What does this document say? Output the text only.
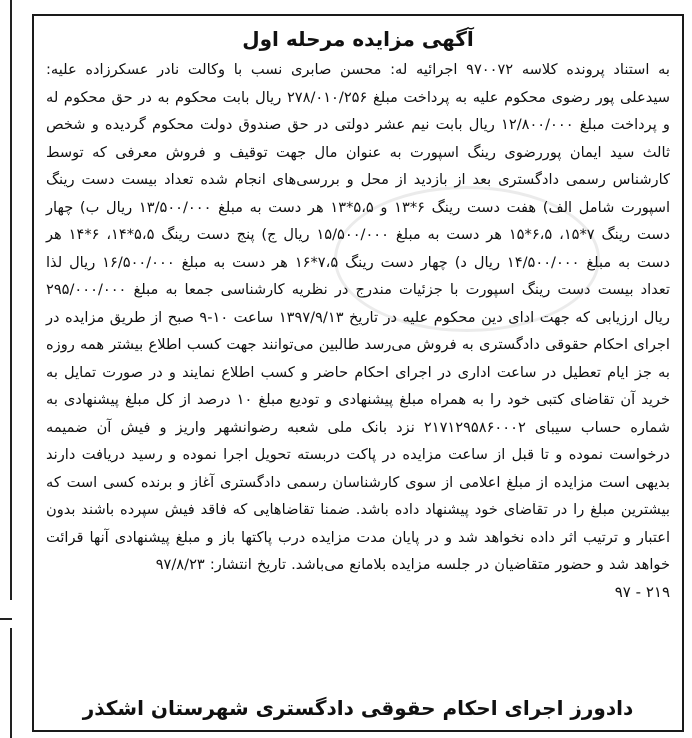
آگهی مزایده مرحله اول

به استناد پرونده کلاسه ۹۷۰۰۷۲ اجرائیه له: محسن صابری نسب با وکالت نادر عسکرزاده علیه: سیدعلی پور رضوی محکوم علیه به پرداخت مبلغ ۲۷۸/۰۱۰/۲۵۶ ریال بابت محکوم به در حق محکوم له و پرداخت مبلغ ۱۲/۸۰۰/۰۰۰ ریال بابت نیم عشر دولتی در حق صندوق دولت محکوم گردیده و شخص ثالث سید ایمان پوررضوی رینگ اسپورت به عنوان مال جهت توقیف و فروش معرفی که توسط کارشناس رسمی دادگستری بعد از بازدید از محل و بررسی‌های انجام شده تعداد بیست دست رینگ اسپورت شامل الف) هفت دست رینگ ۶*۱۳ و ۵،۵*۱۳ هر دست به مبلغ ۱۳/۵۰۰/۰۰۰ ریال ب) چهار دست رینگ ۷*۱۵، ۶،۵*۱۵ هر دست به مبلغ ۱۵/۵۰۰/۰۰۰ ریال ج) پنج دست رینگ ۵،۵*۱۴، ۶*۱۴ هر دست به مبلغ ۱۴/۵۰۰/۰۰۰ ریال د) چهار دست رینگ ۷،۵*۱۶ هر دست به مبلغ ۱۶/۵۰۰/۰۰۰ ریال لذا تعداد بیست دست رینگ اسپورت با جزئیات مندرج در نظریه کارشناسی جمعا به مبلغ ۲۹۵/۰۰۰/۰۰۰ ریال ارزیابی که جهت ادای دین محکوم علیه در تاریخ ۱۳۹۷/۹/۱۳ ساعت ۱۰-۹ صبح از طریق مزایده در اجرای احکام حقوقی دادگستری به فروش می‌رسد طالبین می‌توانند جهت کسب اطلاع بیشتر همه روزه به جز ایام تعطیل در ساعت اداری در اجرای احکام حاضر و کسب اطلاع نمایند و در صورت تمایل به خرید آن تقاضای کتبی خود را به همراه مبلغ پیشنهادی و تودیع مبلغ ۱۰ درصد از کل مبلغ پیشنهادی به شماره حساب سیبای ۲۱۷۱۲۹۵۸۶۰۰۰۲ نزد بانک ملی شعبه رضوانشهر واریز و فیش آن ضمیمه درخواست نموده و تا قبل از ساعت مزایده در پاکت دربسته تحویل اجرا نموده و رسید دریافت دارند بدیهی است مزایده از مبلغ اعلامی از سوی کارشناسان رسمی دادگستری آغاز و برنده کسی است که بیشترین مبلغ را در تقاضای خود پیشنهاد داده باشد. ضمنا تقاضاهایی که فاقد فیش سپرده باشند بدون اعتبار و ترتیب اثر داده نخواهد شد و در پایان مدت مزایده درب پاکتها باز و مبلغ پیشنهادی آنها قرائت خواهد شد و حضور متقاضیان در جلسه مزایده بلامانع می‌باشد. تاریخ انتشار: ۹۷/۸/۲۳

۲۱۹ - ۹۷

دادورز اجرای احکام حقوقی دادگستری شهرستان اشکذر
